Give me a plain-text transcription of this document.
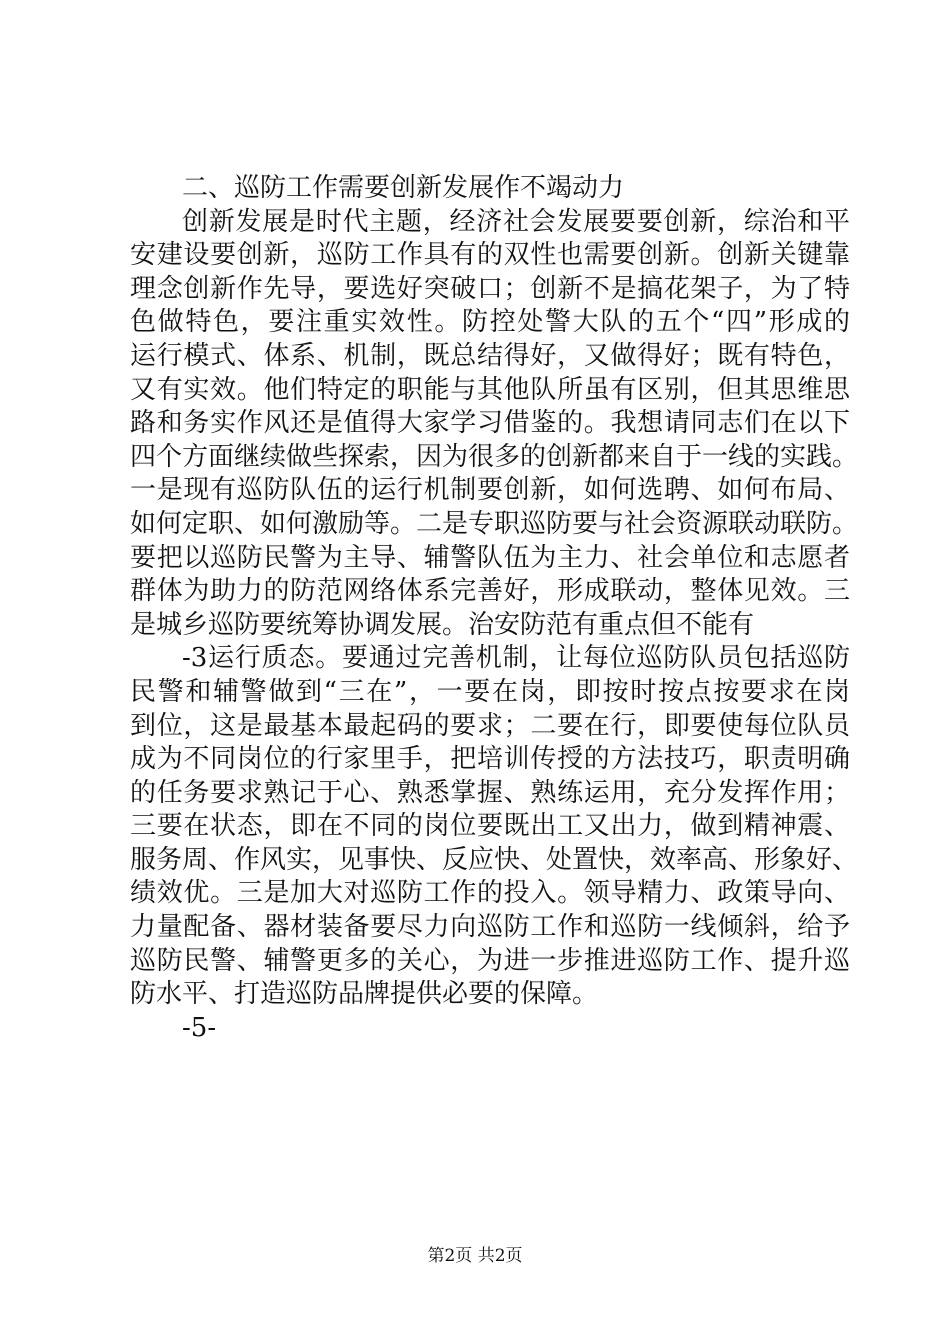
二、巡防工作需要创新发展作不竭动力
创新发展是时代主题，经济社会发展要要创新，综治和平
安建设要创新，巡防工作具有的双性也需要创新。创新关键靠
理念创新作先导，要选好突破口；创新不是搞花架子，为了特
色做特色，要注重实效性。防控处警大队的五个“四”形成的
运行模式、体系、机制，既总结得好，又做得好；既有特色，
又有实效。他们特定的职能与其他队所虽有区别，但其思维思
路和务实作风还是值得大家学习借鉴的。我想请同志们在以下
四个方面继续做些探索，因为很多的创新都来自于一线的实践。
一是现有巡防队伍的运行机制要创新，如何选聘、如何布局、
如何定职、如何激励等。二是专职巡防要与社会资源联动联防。
要把以巡防民警为主导、辅警队伍为主力、社会单位和志愿者
群体为助力的防范网络体系完善好，形成联动，整体见效。三
是城乡巡防要统筹协调发展。治安防范有重点但不能有
-3运行质态。要通过完善机制，让每位巡防队员包括巡防
民警和辅警做到“三在”，一要在岗，即按时按点按要求在岗
到位，这是最基本最起码的要求；二要在行，即要使每位队员
成为不同岗位的行家里手，把培训传授的方法技巧，职责明确
的任务要求熟记于心、熟悉掌握、熟练运用，充分发挥作用；
三要在状态，即在不同的岗位要既出工又出力，做到精神震、
服务周、作风实，见事快、反应快、处置快，效率高、形象好、
绩效优。三是加大对巡防工作的投入。领导精力、政策导向、
力量配备、器材装备要尽力向巡防工作和巡防一线倾斜，给予
巡防民警、辅警更多的关心，为进一步推进巡防工作、提升巡
防水平、打造巡防品牌提供必要的保障。
-5-
第2页 共2页
